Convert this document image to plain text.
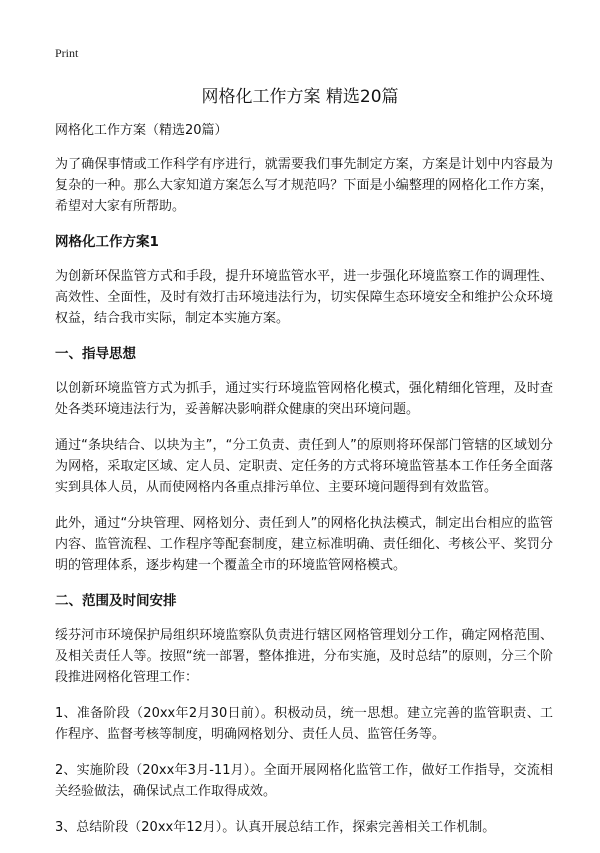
Print
网格化工作方案 精选20篇

网格化工作方案（精选20篇）

为了确保事情或工作科学有序进行，就需要我们事先制定方案，方案是计划中内容最为复杂的一种。那么大家知道方案怎么写才规范吗？下面是小编整理的网格化工作方案，希望对大家有所帮助。

网格化工作方案1

为创新环保监管方式和手段，提升环境监管水平，进一步强化环境监察工作的调理性、高效性、全面性，及时有效打击环境违法行为，切实保障生态环境安全和维护公众环境权益，结合我市实际，制定本实施方案。

一、指导思想

以创新环境监管方式为抓手，通过实行环境监管网格化模式，强化精细化管理，及时查处各类环境违法行为，妥善解决影响群众健康的突出环境问题。

通过“条块结合、以块为主”，“分工负责、责任到人”的原则将环保部门管辖的区域划分为网格，采取定区域、定人员、定职责、定任务的方式将环境监管基本工作任务全面落实到具体人员，从而使网格内各重点排污单位、主要环境问题得到有效监管。

此外，通过“分块管理、网格划分、责任到人”的网格化执法模式，制定出台相应的监管内容、监管流程、工作程序等配套制度，建立标准明确、责任细化、考核公平、奖罚分明的管理体系，逐步构建一个覆盖全市的环境监管网格模式。

二、范围及时间安排

绥芬河市环境保护局组织环境监察队负责进行辖区网格管理划分工作，确定网格范围、及相关责任人等。按照“统一部署，整体推进，分布实施，及时总结”的原则，分三个阶段推进网格化管理工作：

1、准备阶段（20xx年2月30日前）。积极动员，统一思想。建立完善的监管职责、工作程序、监督考核等制度，明确网格划分、责任人员、监管任务等。

2、实施阶段（20xx年3月-11月）。全面开展网格化监管工作，做好工作指导，交流相关经验做法，确保试点工作取得成效。

3、总结阶段（20xx年12月）。认真开展总结工作，探索完善相关工作机制。
